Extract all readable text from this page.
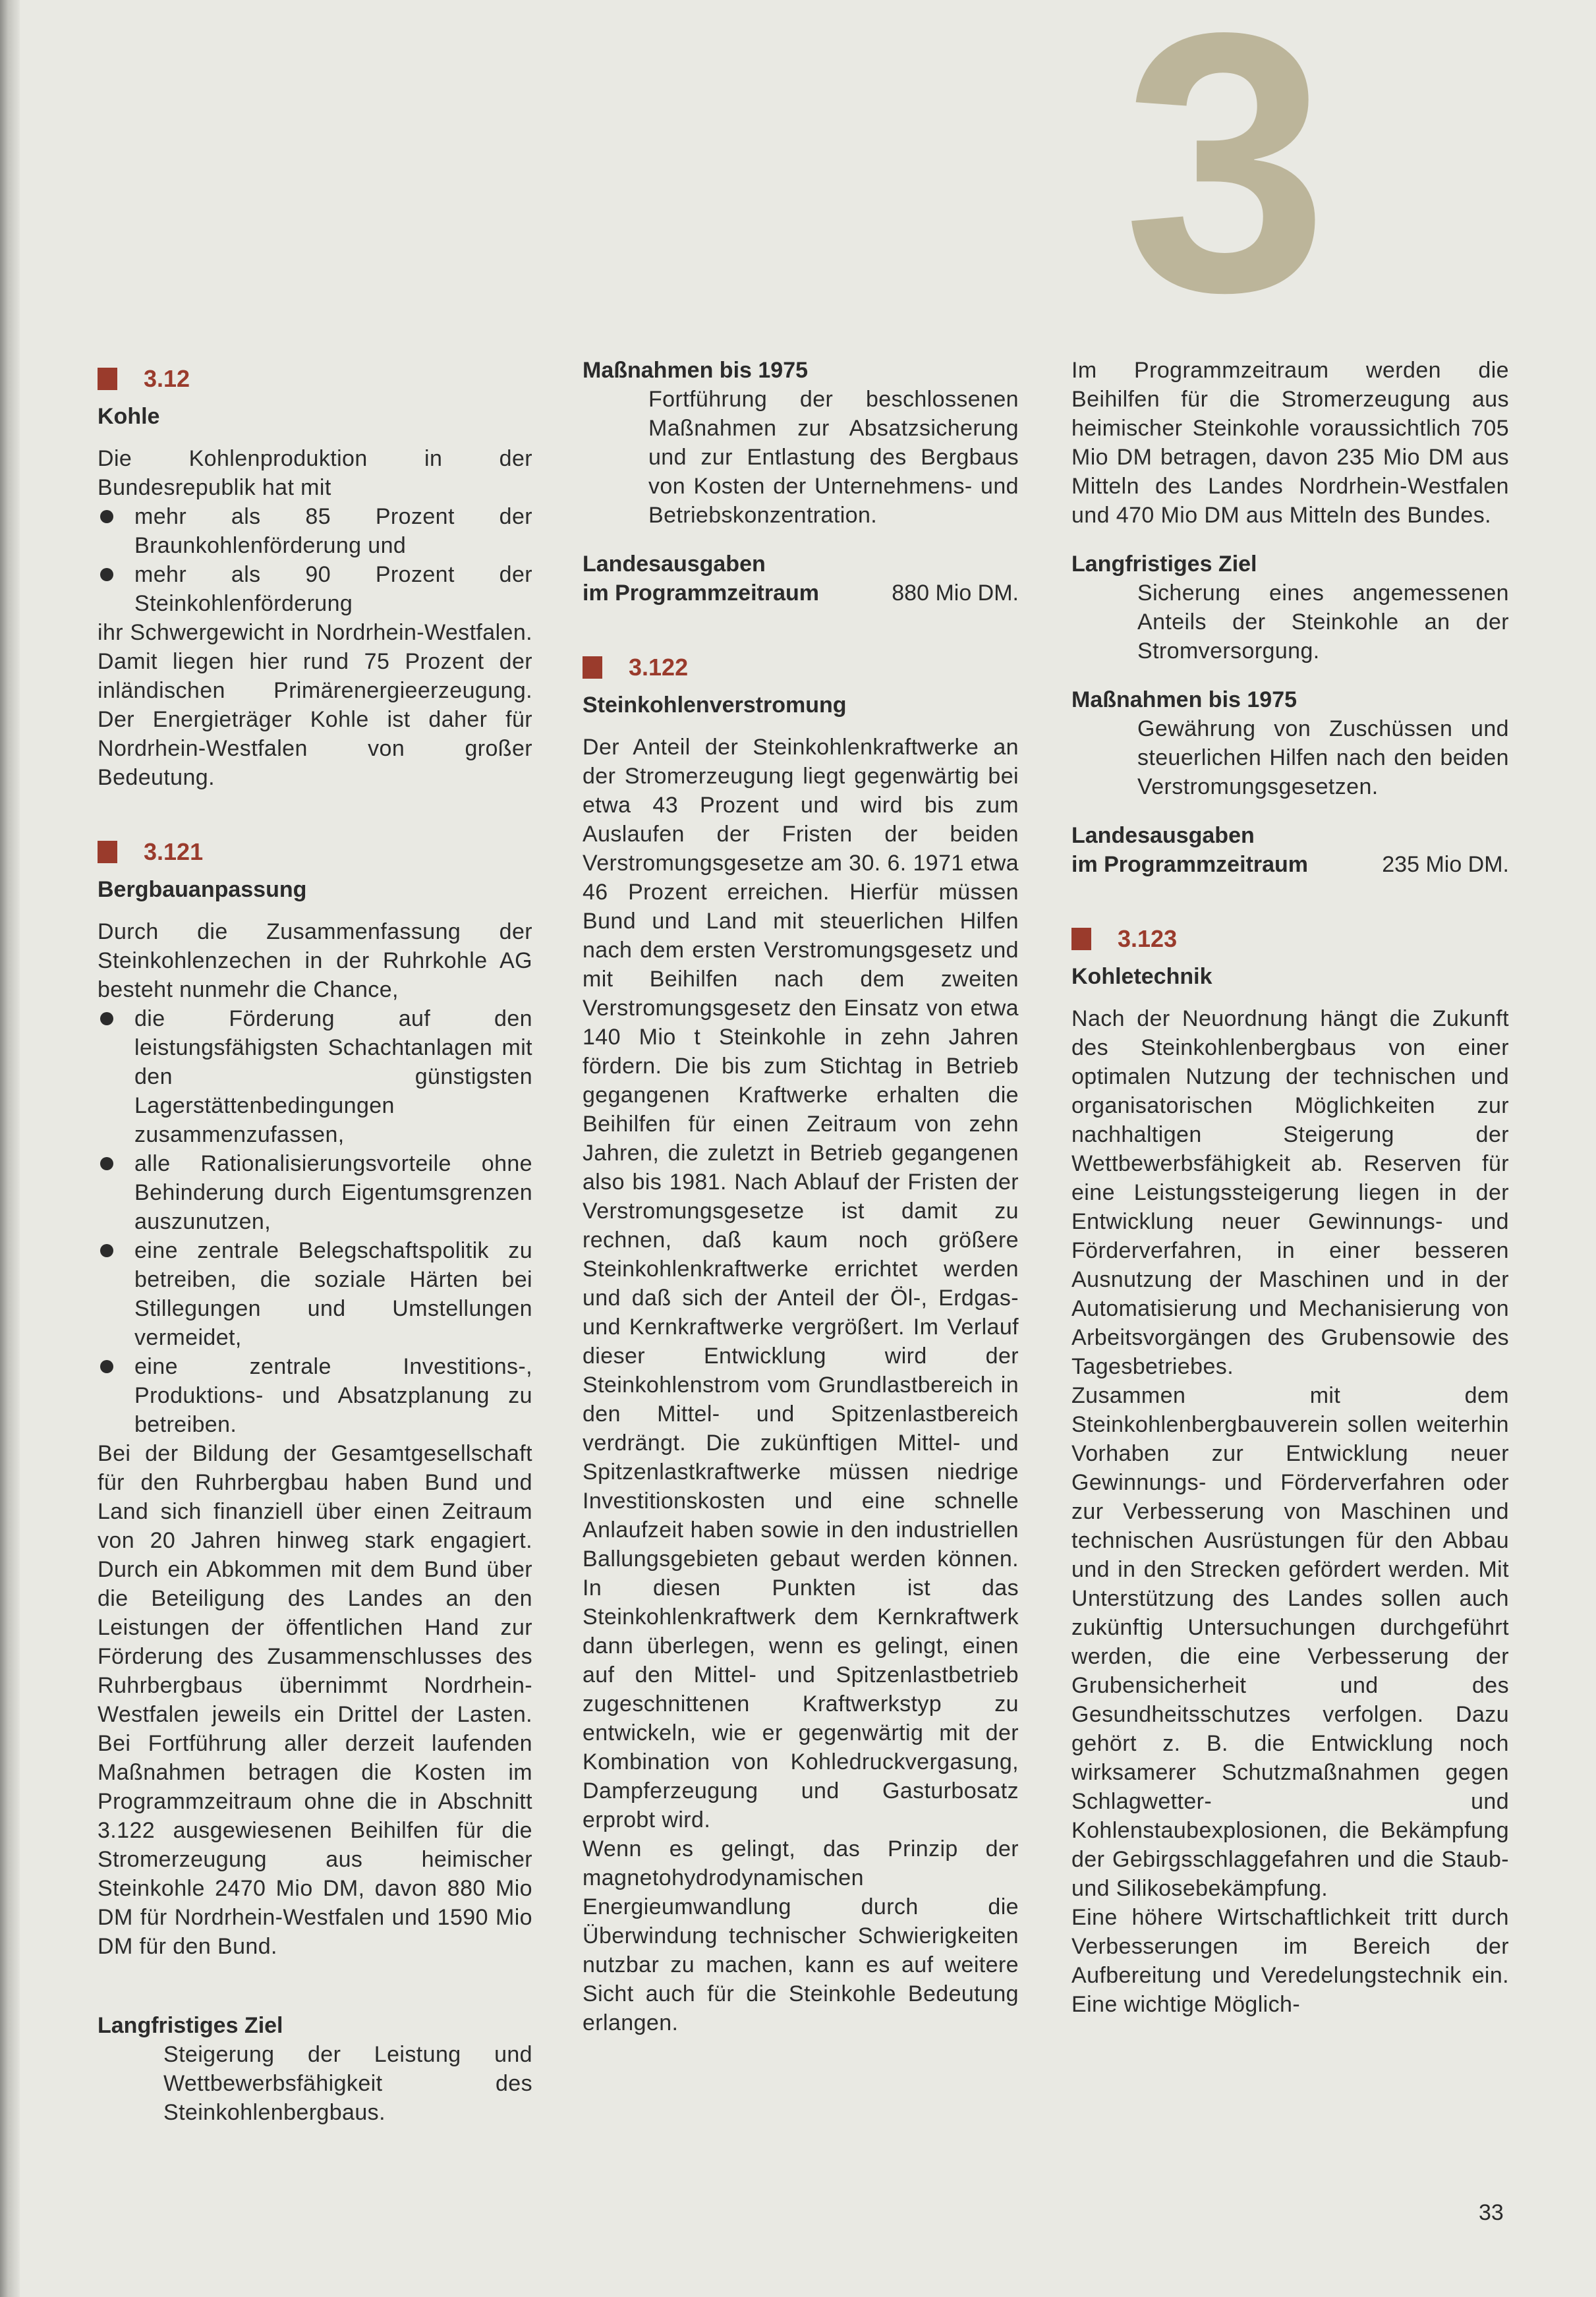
3
3.12

Kohle

Die Kohlenproduktion in der Bundesrepublik hat mit

mehr als 85 Prozent der Braunkohlenförderung und
mehr als 90 Prozent der Steinkohlenförderung

ihr Schwergewicht in Nordrhein-Westfalen. Damit liegen hier rund 75 Prozent der inländischen Primärenergieerzeugung. Der Energieträger Kohle ist daher für Nordrhein-Westfalen von großer Bedeutung.

3.121

Bergbauanpassung

Durch die Zusammenfassung der Steinkohlenzechen in der Ruhrkohle AG besteht nunmehr die Chance,

die Förderung auf den leistungsfähigsten Schachtanlagen mit den günstigsten Lagerstättenbedingungen zusammenzufassen,
alle Rationalisierungsvorteile ohne Behinderung durch Eigentumsgrenzen auszunutzen,
eine zentrale Belegschaftspolitik zu betreiben, die soziale Härten bei Stillegungen und Umstellungen vermeidet,
eine zentrale Investitions-, Produktions- und Absatzplanung zu betreiben.

Bei der Bildung der Gesamtgesellschaft für den Ruhrbergbau haben Bund und Land sich finanziell über einen Zeitraum von 20 Jahren hinweg stark engagiert. Durch ein Abkommen mit dem Bund über die Beteiligung des Landes an den Leistungen der öffentlichen Hand zur Förderung des Zusammenschlusses des Ruhrbergbaus übernimmt Nordrhein-Westfalen jeweils ein Drittel der Lasten. Bei Fortführung aller derzeit laufenden Maßnahmen betragen die Kosten im Programmzeitraum ohne die in Abschnitt 3.122 ausgewiesenen Beihilfen für die Stromerzeugung aus heimischer Steinkohle 2470 Mio DM, davon 880 Mio DM für Nordrhein-Westfalen und 1590 Mio DM für den Bund.

Langfristiges Ziel

Steigerung der Leistung und Wettbewerbsfähigkeit des Steinkohlenbergbaus.

Maßnahmen bis 1975

Fortführung der beschlossenen Maßnahmen zur Absatzsicherung und zur Entlastung des Bergbaus von Kosten der Unternehmens- und Betriebskonzentration.

Landesausgaben

im Programmzeitraum	880 Mio DM.
3.122

Steinkohlenverstromung

Der Anteil der Steinkohlenkraftwerke an der Stromerzeugung liegt gegenwärtig bei etwa 43 Prozent und wird bis zum Auslaufen der Fristen der beiden Verstromungsgesetze am 30. 6. 1971 etwa 46 Prozent erreichen. Hierfür müssen Bund und Land mit steuerlichen Hilfen nach dem ersten Verstromungsgesetz und mit Beihilfen nach dem zweiten Verstromungsgesetz den Einsatz von etwa 140 Mio t Steinkohle in zehn Jahren fördern. Die bis zum Stichtag in Betrieb gegangenen Kraftwerke erhalten die Beihilfen für einen Zeitraum von zehn Jahren, die zuletzt in Betrieb gegangenen also bis 1981. Nach Ablauf der Fristen der Verstromungsgesetze ist damit zu rechnen, daß kaum noch größere Steinkohlenkraftwerke errichtet werden und daß sich der Anteil der Öl-, Erdgas- und Kernkraftwerke vergrößert. Im Verlauf dieser Entwicklung wird der Steinkohlenstrom vom Grundlastbereich in den Mittel- und Spitzenlastbereich verdrängt. Die zukünftigen Mittel- und Spitzenlastkraftwerke müssen niedrige Investitionskosten und eine schnelle Anlaufzeit haben sowie in den industriellen Ballungsgebieten gebaut werden können. In diesen Punkten ist das Steinkohlenkraftwerk dem Kernkraftwerk dann überlegen, wenn es gelingt, einen auf den Mittel- und Spitzenlastbetrieb zugeschnittenen Kraftwerkstyp zu entwickeln, wie er gegenwärtig mit der Kombination von Kohledruckvergasung, Dampferzeugung und Gasturbosatz erprobt wird.

Wenn es gelingt, das Prinzip der magnetohydrodynamischen Energieumwandlung durch die Überwindung technischer Schwierigkeiten nutzbar zu machen, kann es auf weitere Sicht auch für die Steinkohle Bedeutung erlangen.

Im Programmzeitraum werden die Beihilfen für die Stromerzeugung aus heimischer Steinkohle voraussichtlich 705 Mio DM betragen, davon 235 Mio DM aus Mitteln des Landes Nordrhein-Westfalen und 470 Mio DM aus Mitteln des Bundes.

Langfristiges Ziel

Sicherung eines angemessenen Anteils der Steinkohle an der Stromversorgung.

Maßnahmen bis 1975

Gewährung von Zuschüssen und steuerlichen Hilfen nach den beiden Verstromungsgesetzen.

Landesausgaben

im Programmzeitraum	235 Mio DM.
3.123

Kohletechnik

Nach der Neuordnung hängt die Zukunft des Steinkohlenbergbaus von einer optimalen Nutzung der technischen und organisatorischen Möglichkeiten zur nachhaltigen Steigerung der Wettbewerbsfähigkeit ab. Reserven für eine Leistungssteigerung liegen in der Entwicklung neuer Gewinnungs- und Förderverfahren, in einer besseren Ausnutzung der Maschinen und in der Automatisierung und Mechanisierung von Arbeitsvorgängen des Grubensowie des Tagesbetriebes.

Zusammen mit dem Steinkohlenbergbauverein sollen weiterhin Vorhaben zur Entwicklung neuer Gewinnungs- und Förderverfahren oder zur Verbesserung von Maschinen und technischen Ausrüstungen für den Abbau und in den Strecken gefördert werden. Mit Unterstützung des Landes sollen auch zukünftig Untersuchungen durchgeführt werden, die eine Verbesserung der Grubensicherheit und des Gesundheitsschutzes verfolgen. Dazu gehört z. B. die Entwicklung noch wirksamerer Schutzmaßnahmen gegen Schlagwetter- und Kohlenstaubexplosionen, die Bekämpfung der Gebirgsschlaggefahren und die Staub- und Silikosebekämpfung.

Eine höhere Wirtschaftlichkeit tritt durch Verbesserungen im Bereich der Aufbereitung und Veredelungstechnik ein. Eine wichtige Möglich-

33
